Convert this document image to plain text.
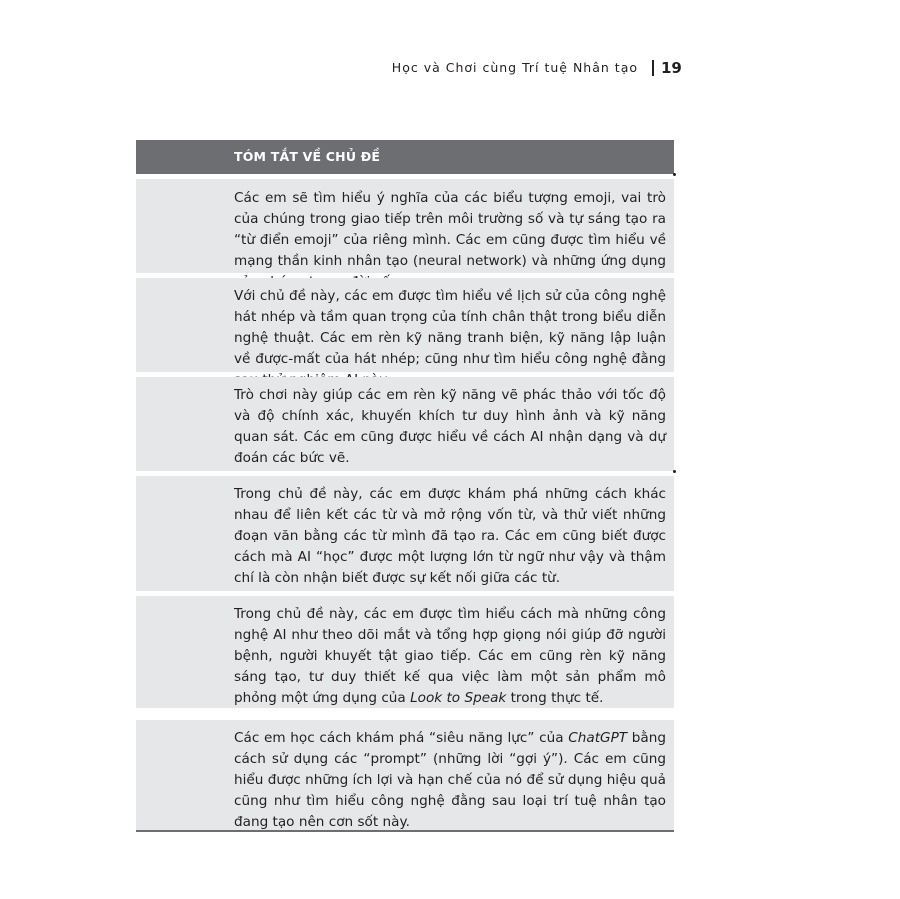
Học và Chơi cùng Trí tuệ Nhân tạo 19
TÓM TẮT VỀ CHỦ ĐỀ
Các em sẽ tìm hiểu ý nghĩa của các biểu tượng emoji, vai trò của chúng trong giao tiếp trên môi trường số và tự sáng tạo ra “từ điển emoji” của riêng mình. Các em cũng được tìm hiểu về mạng thần kinh nhân tạo (neural network) và những ứng dụng
Với chủ đề này, các em được tìm hiểu về lịch sử của công nghệ hát nhép và tầm quan trọng của tính chân thật trong biểu diễn nghệ thuật. Các em rèn kỹ năng tranh biện, kỹ năng lập luận về được-mất của hát nhép; cũng như tìm hiểu công nghệ đằng
Trò chơi này giúp các em rèn kỹ năng vẽ phác thảo với tốc độ và độ chính xác, khuyến khích tư duy hình ảnh và kỹ năng quan sát. Các em cũng được hiểu về cách AI nhận dạng và dự đoán các bức vẽ.
Trong chủ đề này, các em được khám phá những cách khác nhau để liên kết các từ và mở rộng vốn từ, và thử viết những đoạn văn bằng các từ mình đã tạo ra. Các em cũng biết được cách mà AI “học” được một lượng lớn từ ngữ như vậy và thậm chí là còn nhận biết được sự kết nối giữa các từ.
Trong chủ đề này, các em được tìm hiểu cách mà những công nghệ AI như theo dõi mắt và tổng hợp giọng nói giúp đỡ người bệnh, người khuyết tật giao tiếp. Các em cũng rèn kỹ năng sáng tạo, tư duy thiết kế qua việc làm một sản phẩm mô phỏng một ứng dụng của Look to Speak trong thực tế.
Các em học cách khám phá “siêu năng lực” của ChatGPT bằng cách sử dụng các “prompt” (những lời “gợi ý”). Các em cũng hiểu được những ích lợi và hạn chế của nó để sử dụng hiệu quả cũng như tìm hiểu công nghệ đằng sau loại trí tuệ nhân tạo đang tạo nên cơn sốt này.
